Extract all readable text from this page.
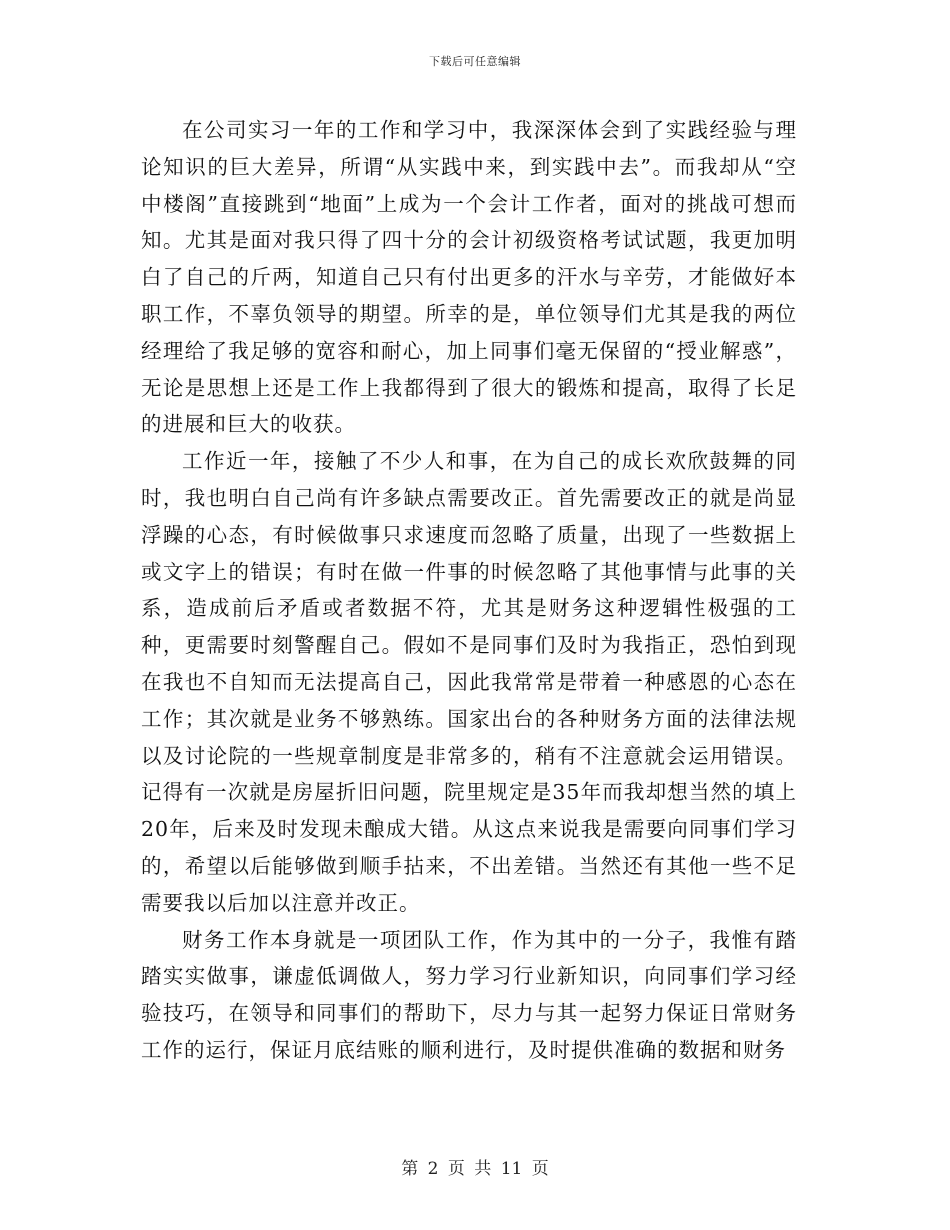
下载后可任意编辑

在公司实习一年的工作和学习中，我深深体会到了实践经验与理论知识的巨大差异，所谓“从实践中来，到实践中去”。而我却从“空中楼阁”直接跳到“地面”上成为一个会计工作者，面对的挑战可想而知。尤其是面对我只得了四十分的会计初级资格考试试题，我更加明白了自己的斤两，知道自己只有付出更多的汗水与辛劳，才能做好本职工作，不辜负领导的期望。所幸的是，单位领导们尤其是我的两位经理给了我足够的宽容和耐心，加上同事们毫无保留的“授业解惑”，无论是思想上还是工作上我都得到了很大的锻炼和提高，取得了长足的进展和巨大的收获。

工作近一年，接触了不少人和事，在为自己的成长欢欣鼓舞的同时，我也明白自己尚有许多缺点需要改正。首先需要改正的就是尚显浮躁的心态，有时候做事只求速度而忽略了质量，出现了一些数据上或文字上的错误；有时在做一件事的时候忽略了其他事情与此事的关系，造成前后矛盾或者数据不符，尤其是财务这种逻辑性极强的工种，更需要时刻警醒自己。假如不是同事们及时为我指正，恐怕到现在我也不自知而无法提高自己，因此我常常是带着一种感恩的心态在工作；其次就是业务不够熟练。国家出台的各种财务方面的法律法规以及讨论院的一些规章制度是非常多的，稍有不注意就会运用错误。记得有一次就是房屋折旧问题，院里规定是35年而我却想当然的填上20年，后来及时发现未酿成大错。从这点来说我是需要向同事们学习的，希望以后能够做到顺手拈来，不出差错。当然还有其他一些不足需要我以后加以注意并改正。

财务工作本身就是一项团队工作，作为其中的一分子，我惟有踏踏实实做事，谦虚低调做人，努力学习行业新知识，向同事们学习经验技巧，在领导和同事们的帮助下，尽力与其一起努力保证日常财务工作的运行，保证月底结账的顺利进行，及时提供准确的数据和财务

第 2 页 共 11 页
